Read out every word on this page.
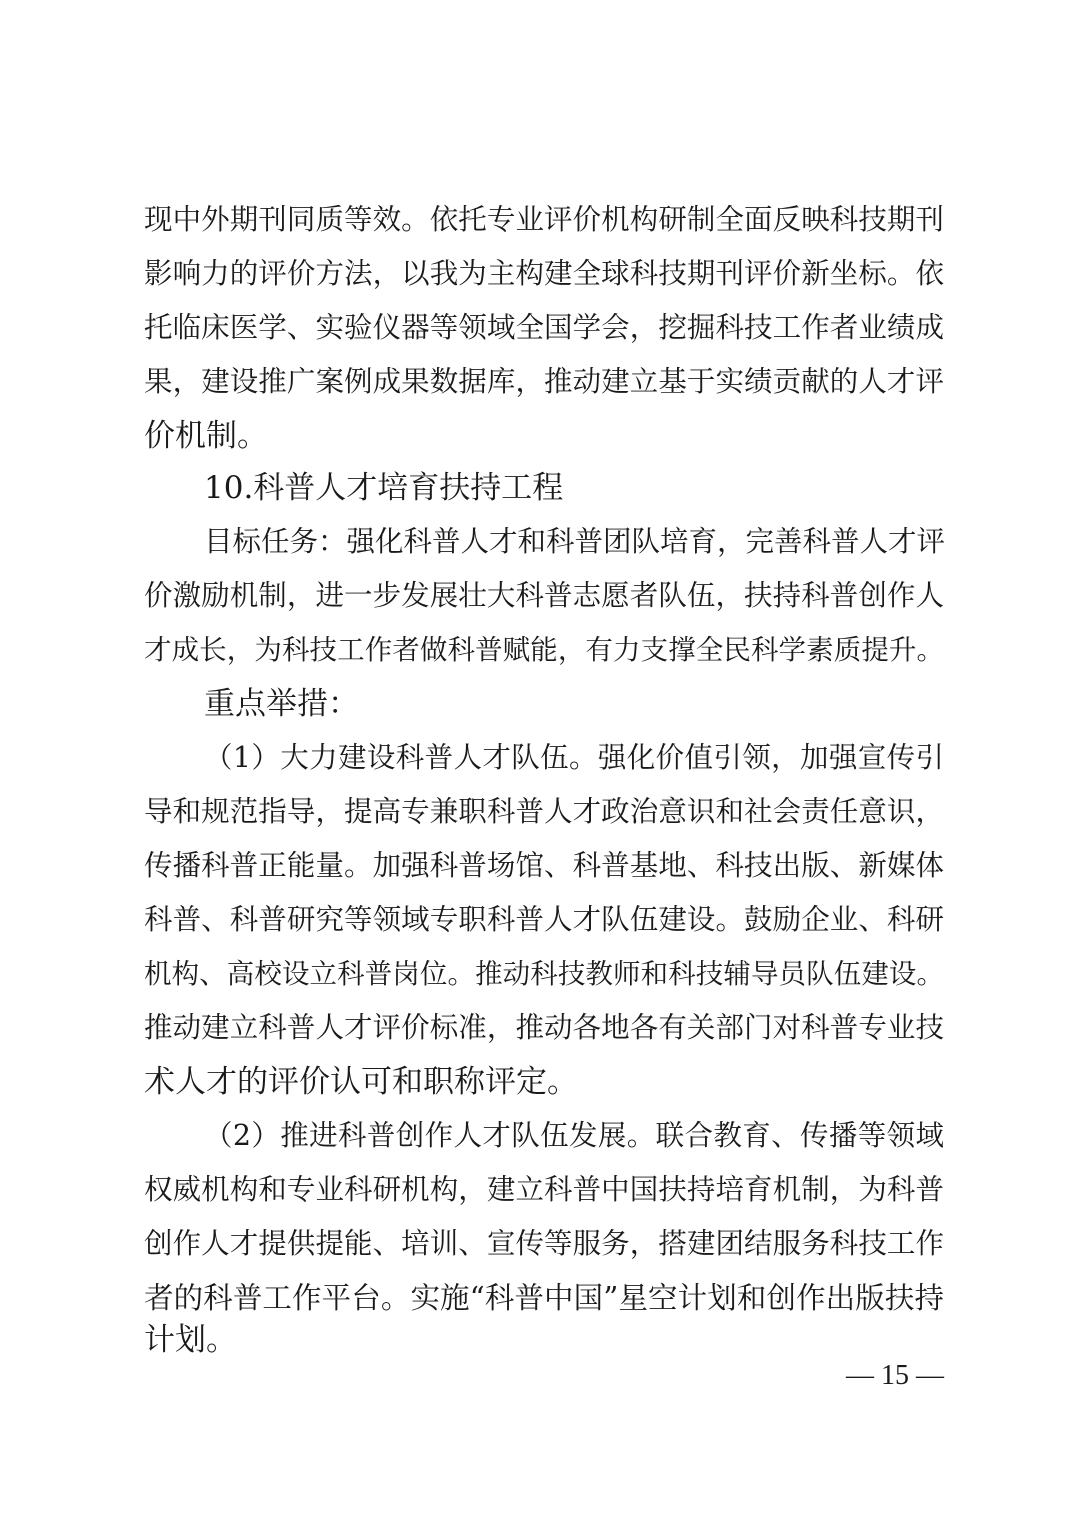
现中外期刊同质等效。依托专业评价机构研制全面反映科技期刊
影响力的评价方法，以我为主构建全球科技期刊评价新坐标。依
托临床医学、实验仪器等领域全国学会，挖掘科技工作者业绩成
果，建设推广案例成果数据库，推动建立基于实绩贡献的人才评
价机制。
10.科普人才培育扶持工程
目标任务：强化科普人才和科普团队培育，完善科普人才评
价激励机制，进一步发展壮大科普志愿者队伍，扶持科普创作人
才成长，为科技工作者做科普赋能，有力支撑全民科学素质提升。
重点举措：
（1）大力建设科普人才队伍。强化价值引领，加强宣传引
导和规范指导，提高专兼职科普人才政治意识和社会责任意识，
传播科普正能量。加强科普场馆、科普基地、科技出版、新媒体
科普、科普研究等领域专职科普人才队伍建设。鼓励企业、科研
机构、高校设立科普岗位。推动科技教师和科技辅导员队伍建设。
推动建立科普人才评价标准，推动各地各有关部门对科普专业技
术人才的评价认可和职称评定。
（2）推进科普创作人才队伍发展。联合教育、传播等领域
权威机构和专业科研机构，建立科普中国扶持培育机制，为科普
创作人才提供提能、培训、宣传等服务，搭建团结服务科技工作
者的科普工作平台。实施“科普中国”星空计划和创作出版扶持
计划。
— 15 —
